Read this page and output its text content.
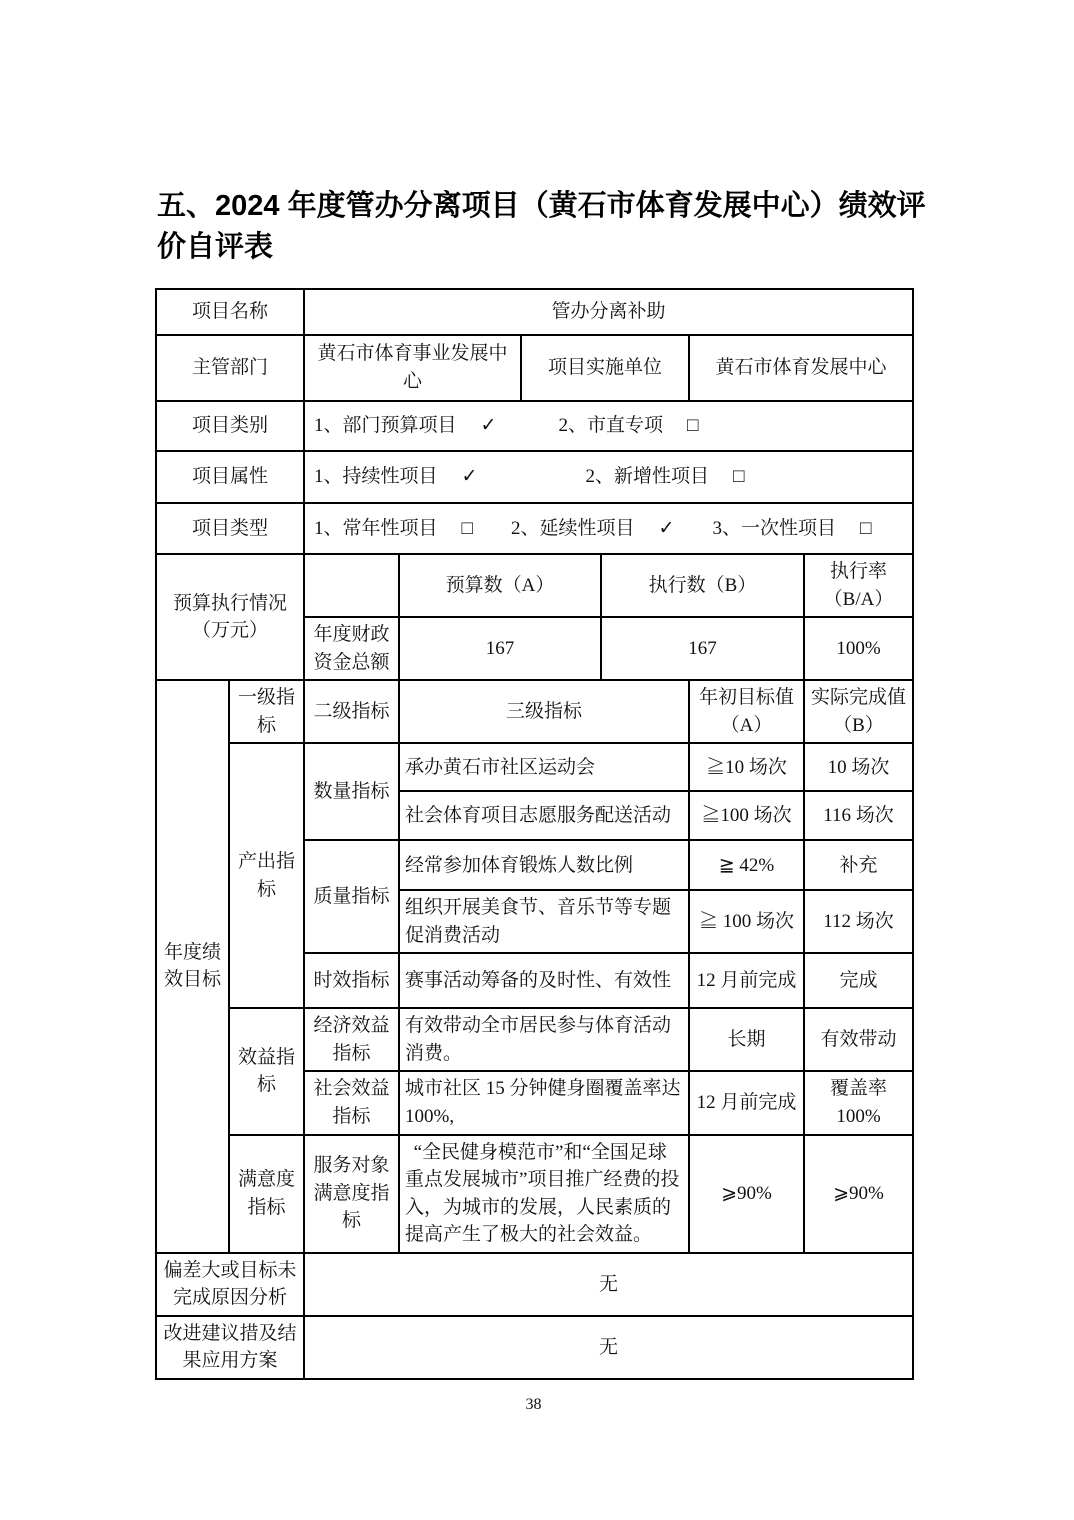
五、2024 年度管办分离项目（黄石市体育发展中心）绩效评价自评表
项目名称		管办分离补助					
主管部门		黄石市体育事业发展中心		项目实施单位		黄石市体育发展中心	
项目类别		1、部门预算项目 ✓ 2、市直专项 □					

项目属性		1、持续性项目 ✓ 2、新增性项目 □					

项目类型		1、常年性项目 □ 2、延续性项目 ✓ 3、一次性项目 □					

预算执行情况（万元）			预算数（A）		执行数（B）		执行率（B/A）
		年度财政资金总额	167		167		100%
年度绩效目标	一级指标	二级指标	三级指标			年初目标值（A）	实际完成值（B）
	产出指标	数量指标	承办黄石市社区运动会			≧10 场次	10 场次
			社会体育项目志愿服务配送活动			≧100 场次	116 场次
		质量指标	经常参加体育锻炼人数比例			≧ 42%	补充
			组织开展美食节、音乐节等专题促消费活动			≧ 100 场次	112 场次
		时效指标	赛事活动筹备的及时性、有效性			12 月前完成	完成
	效益指标	经济效益指标	有效带动全市居民参与体育活动消费。			长期	有效带动
		社会效益指标	城市社区 15 分钟健身圈覆盖率达 100%,			12 月前完成	覆盖率 100%
	满意度指标	服务对象满意度指标	“全民健身模范市”和“全国足球重点发展城市”项目推广经费的投入，为城市的发展，人民素质的提高产生了极大的社会效益。			⩾90%	⩾90%
偏差大或目标未完成原因分析		无					
改进建议措及结果应用方案		无					
38
